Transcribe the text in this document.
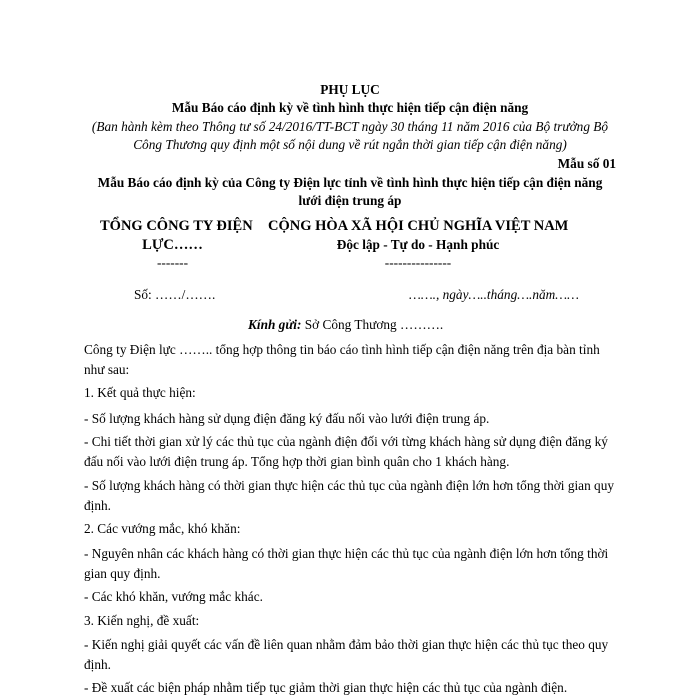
PHỤ LỤC
Mẫu Báo cáo định kỳ về tình hình thực hiện tiếp cận điện năng
(Ban hành kèm theo Thông tư số 24/2016/TT-BCT ngày 30 tháng 11 năm 2016 của Bộ trưởng Bộ
Công Thương quy định một số nội dung về rút ngắn thời gian tiếp cận điện năng)
Mẫu số 01
Mẫu Báo cáo định kỳ của Công ty Điện lực tỉnh về tình hình thực hiện tiếp cận điện năng
lưới điện trung áp
TỔNG CÔNG TY ĐIỆN
LỰC……
-------
CỘNG HÒA XÃ HỘI CHỦ NGHĨA VIỆT NAM
Độc lập - Tự do - Hạnh phúc
---------------
Số: ……/…….	……., ngày…..tháng….năm……
Kính gửi: Sở Công Thương ……….
Công ty Điện lực …….. tổng hợp thông tin báo cáo tình hình tiếp cận điện năng trên địa bàn tỉnh như sau:
1. Kết quả thực hiện:
- Số lượng khách hàng sử dụng điện đăng ký đấu nối vào lưới điện trung áp.
- Chi tiết thời gian xử lý các thủ tục của ngành điện đối với từng khách hàng sử dụng điện đăng ký đấu nối vào lưới điện trung áp. Tổng hợp thời gian bình quân cho 1 khách hàng.
- Số lượng khách hàng có thời gian thực hiện các thủ tục của ngành điện lớn hơn tổng thời gian quy định.
2. Các vướng mắc, khó khăn:
- Nguyên nhân các khách hàng có thời gian thực hiện các thủ tục của ngành điện lớn hơn tổng thời gian quy định.
- Các khó khăn, vướng mắc khác.
3. Kiến nghị, đề xuất:
- Kiến nghị giải quyết các vấn đề liên quan nhằm đảm bảo thời gian thực hiện các thủ tục theo quy định.
- Đề xuất các biện pháp nhằm tiếp tục giảm thời gian thực hiện các thủ tục của ngành điện.
